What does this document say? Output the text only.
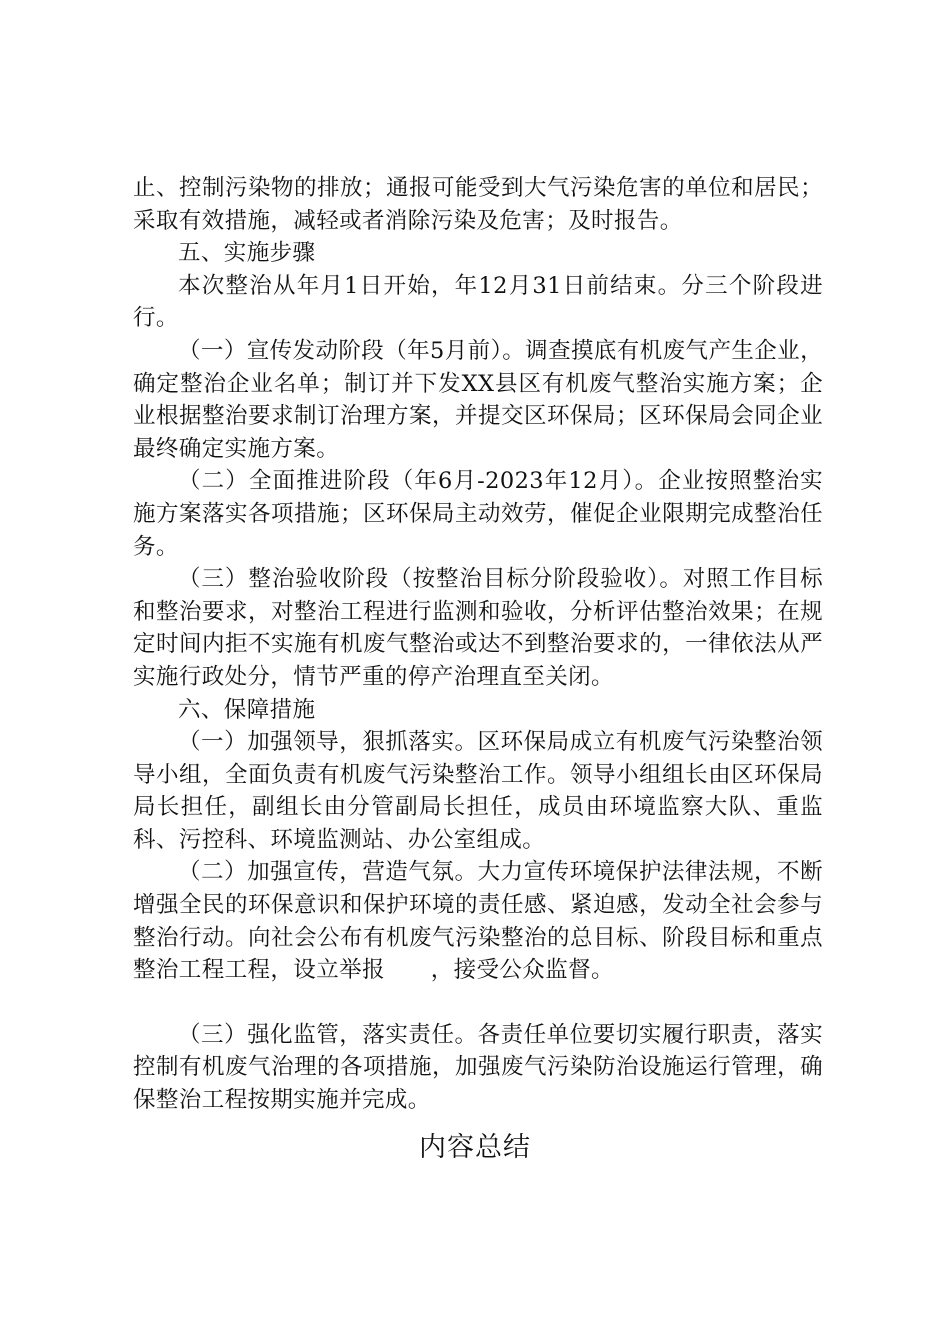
止、控制污染物的排放；通报可能受到大气污染危害的单位和居民；采取有效措施，减轻或者消除污染及危害；及时报告。

五、实施步骤

本次整治从年月1日开始，年12月31日前结束。分三个阶段进行。

（一）宣传发动阶段（年5月前）。调查摸底有机废气产生企业，确定整治企业名单；制订并下发XX县区有机废气整治实施方案；企业根据整治要求制订治理方案，并提交区环保局；区环保局会同企业最终确定实施方案。

（二）全面推进阶段（年6月-2023年12月）。企业按照整治实施方案落实各项措施；区环保局主动效劳，催促企业限期完成整治任务。

（三）整治验收阶段（按整治目标分阶段验收）。对照工作目标和整治要求，对整治工程进行监测和验收，分析评估整治效果；在规定时间内拒不实施有机废气整治或达不到整治要求的，一律依法从严实施行政处分，情节严重的停产治理直至关闭。

六、保障措施

（一）加强领导，狠抓落实。区环保局成立有机废气污染整治领导小组，全面负责有机废气污染整治工作。领导小组组长由区环保局局长担任，副组长由分管副局长担任，成员由环境监察大队、重监科、污控科、环境监测站、办公室组成。

（二）加强宣传，营造气氛。大力宣传环境保护法律法规，不断增强全民的环保意识和保护环境的责任感、紧迫感，发动全社会参与整治行动。向社会公布有机废气污染整治的总目标、阶段目标和重点整治工程工程，设立举报　　，接受公众监督。

（三）强化监管，落实责任。各责任单位要切实履行职责，落实控制有机废气治理的各项措施，加强废气污染防治设施运行管理，确保整治工程按期实施并完成。

内容总结
